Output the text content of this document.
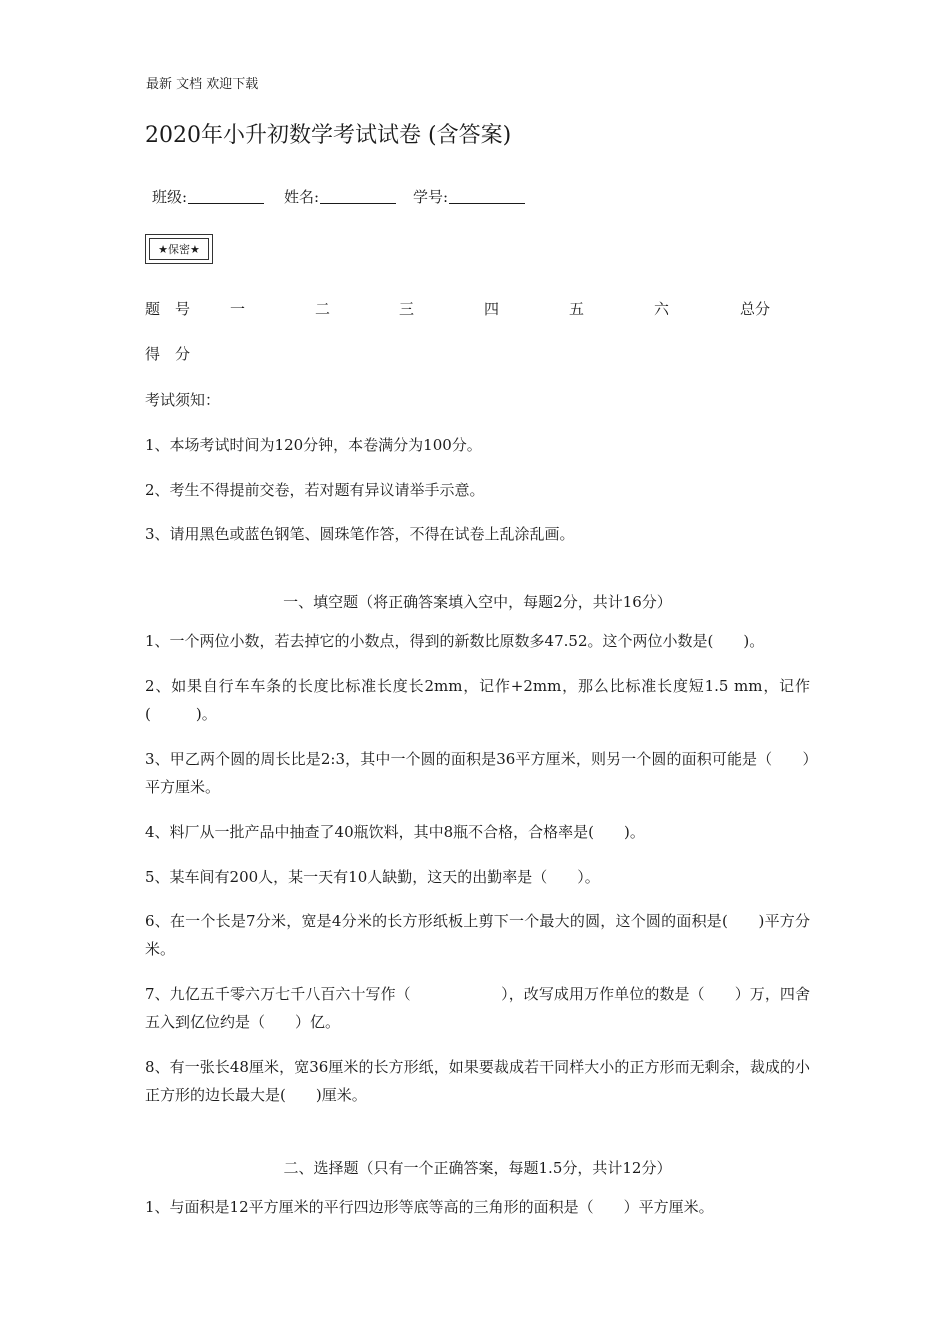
最新 文档 欢迎下载
2020年小升初数学考试试卷 (含答案)
班级:	姓名:	学号:
★保密★
题　号	一	二	三	四	五	六	总分
得　分
考试须知：
1、本场考试时间为120分钟，本卷满分为100分。
2、考生不得提前交卷，若对题有异议请举手示意。
3、请用黑色或蓝色钢笔、圆珠笔作答，不得在试卷上乱涂乱画。
一、填空题（将正确答案填入空中，每题2分，共计16分）
1、一个两位小数，若去掉它的小数点，得到的新数比原数多47.52。这个两位小数是(　　)。
2、如果自行车车条的长度比标准长度长2mm，记作+2mm，那么比标准长度短1.5 mm，记作(　　　)。
3、甲乙两个圆的周长比是2:3，其中一个圆的面积是36平方厘米，则另一个圆的面积可能是（　　）平方厘米。
4、料厂从一批产品中抽查了40瓶饮料，其中8瓶不合格，合格率是(　　)。
5、某车间有200人，某一天有10人缺勤，这天的出勤率是（　　）。
6、在一个长是7分米，宽是4分米的长方形纸板上剪下一个最大的圆，这个圆的面积是(　　)平方分米。
7、九亿五千零六万七千八百六十写作（　　　　　　），改写成用万作单位的数是（　　）万，四舍五入到亿位约是（　　）亿。
8、有一张长48厘米，宽36厘米的长方形纸，如果要裁成若干同样大小的正方形而无剩余，裁成的小正方形的边长最大是(　　)厘米。
二、选择题（只有一个正确答案，每题1.5分，共计12分）
1、与面积是12平方厘米的平行四边形等底等高的三角形的面积是（　　）平方厘米。
